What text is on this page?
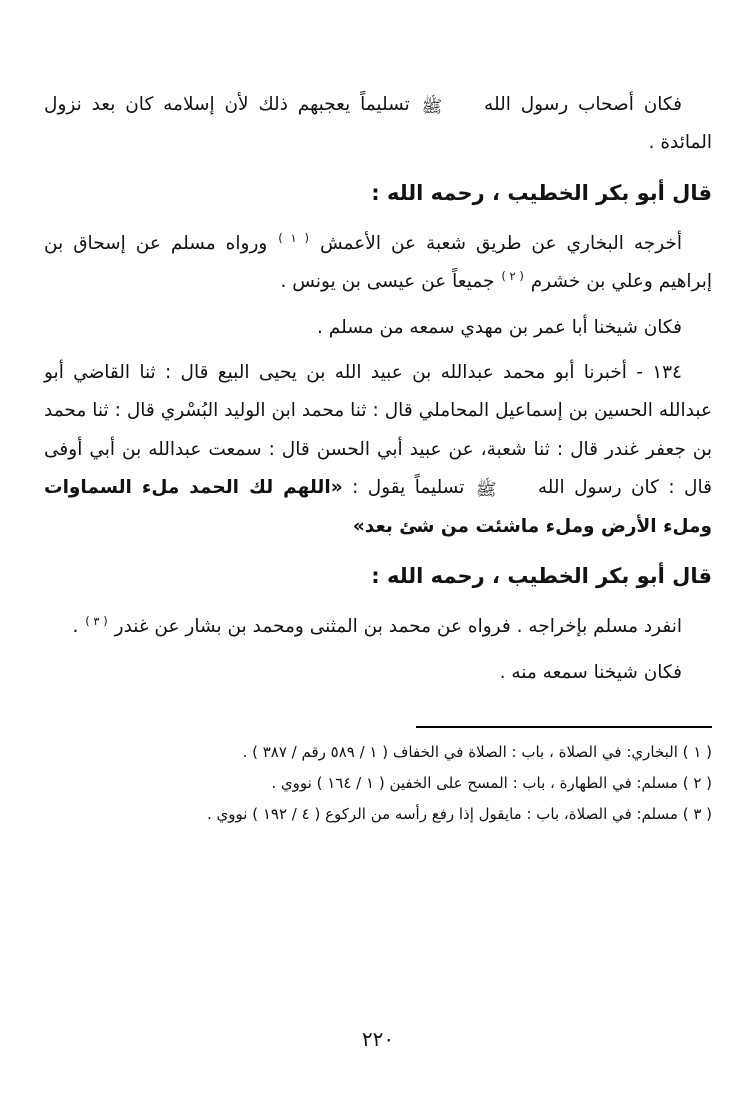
فكان أصحاب رسول الله ﷺ تسليماً يعجبهم ذلك لأن إسلامه كان بعد نزول المائدة .

قال أبو بكر الخطيب ، رحمه الله :

أخرجه البخاري عن طريق شعبة عن الأعمش $^{( ١ )}$ ورواه مسلم عن إسحاق بن إبراهيم وعلي بن خشرم $^{( ٢ )}$ جميعاً عن عيسى بن يونس .

فكان شيخنا أبا عمر بن مهدي سمعه من مسلم .

١٣٤ - أخبرنا أبو محمد عبدالله بن عبيد الله بن يحيى البيع قال : ثنا القاضي أبو عبدالله الحسين بن إسماعيل المحاملي قال : ثنا محمد ابن الوليد البُسْري قال : ثنا محمد بن جعفر غندر قال : ثنا شعبة، عن عبيد أبي الحسن قال : سمعت عبدالله بن أبي أوفى قال : كان رسول الله ﷺ تسليماً يقول : «اللهم لك الحمد ملء السماوات وملء الأرض وملء ماشئت من شئ بعد»

قال أبو بكر الخطيب ، رحمه الله :

انفرد مسلم بإخراجه . فرواه عن محمد بن المثنى ومحمد بن بشار عن غندر $^{( ٣ )}$ .

فكان شيخنا سمعه منه .

( ١ ) البخاري: في الصلاة ، باب : الصلاة في الخفاف ( ١ / ٥٨٩ رقم / ٣٨٧ ) .

( ٢ ) مسلم: في الطهارة ، باب : المسح على الخفين ( ١ / ١٦٤ ) نووي .

( ٣ ) مسلم: في الصلاة، باب : مايقول إذا رفع رأسه من الركوع ( ٤ / ١٩٢ ) نووي .

٢٢٠
